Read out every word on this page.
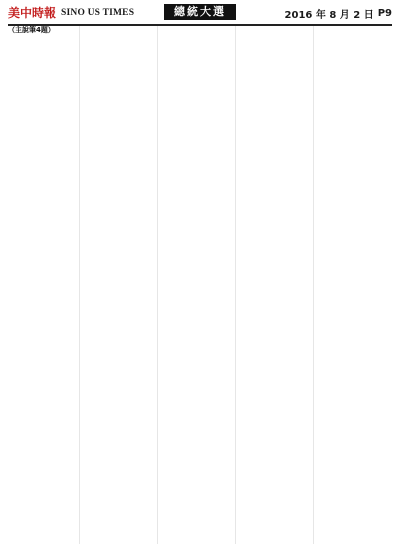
美中時報 SINO US TIMES	總統大選	2016 年 8 月 2 日 P9
（主說筆4題）
